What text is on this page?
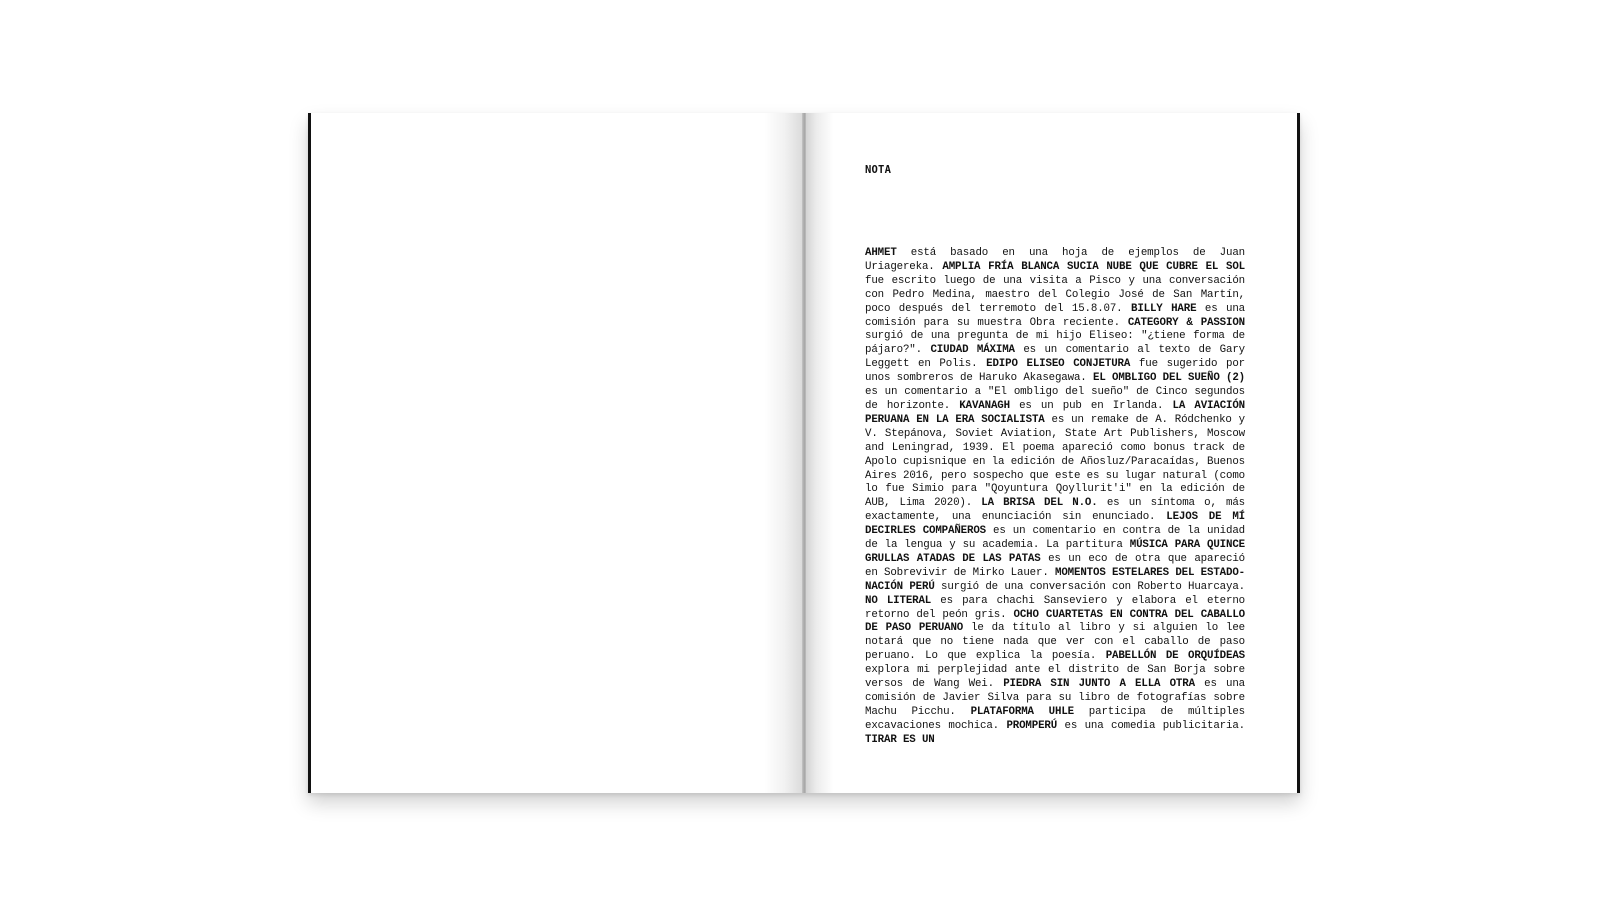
NOTA

AHMET está basado en una hoja de ejemplos de Juan Uriagereka. AMPLIA FRÍA BLANCA SUCIA NUBE QUE CUBRE EL SOL fue escrito luego de una visita a Pisco y una conversación con Pedro Medina, maestro del Colegio José de San Martín, poco después del terremoto del 15.8.07. BILLY HARE es una comisión para su muestra Obra reciente. CATEGORY & PASSION surgió de una pregunta de mi hijo Eliseo: "¿tiene forma de pájaro?". CIUDAD MÁXIMA es un comentario al texto de Gary Leggett en Polis. EDIPO ELISEO CONJETURA fue sugerido por unos sombreros de Haruko Akasegawa. EL OMBLIGO DEL SUEÑO (2) es un comentario a "El ombligo del sueño" de Cinco segundos de horizonte. KAVANAGH es un pub en Irlanda. LA AVIACIÓN PERUANA EN LA ERA SOCIALISTA es un remake de A. Ródchenko y V. Stepánova, Soviet Aviation, State Art Publishers, Moscow and Leningrad, 1939. El poema apareció como bonus track de Apolo cupisnique en la edición de Añosluz/Paracaídas, Buenos Aires 2016, pero sospecho que este es su lugar natural (como lo fue Simio para "Qoyuntura Qoyllurit'i" en la edición de AUB, Lima 2020). LA BRISA DEL N.O. es un síntoma o, más exactamente, una enunciación sin enunciado. LEJOS DE MÍ DECIRLES COMPAÑEROS es un comentario en contra de la unidad de la lengua y su academia. La partitura MÚSICA PARA QUINCE GRULLAS ATADAS DE LAS PATAS es un eco de otra que apareció en Sobrevivir de Mirko Lauer. MOMENTOS ESTELARES DEL ESTADO-NACIÓN PERÚ surgió de una conversación con Roberto Huarcaya. NO LITERAL es para chachi Sanseviero y elabora el eterno retorno del peón gris. OCHO CUARTETAS EN CONTRA DEL CABALLO DE PASO PERUANO le da título al libro y si alguien lo lee notará que no tiene nada que ver con el caballo de paso peruano. Lo que explica la poesía. PABELLÓN DE ORQUÍDEAS explora mi perplejidad ante el distrito de San Borja sobre versos de Wang Wei. PIEDRA SIN JUNTO A ELLA OTRA es una comisión de Javier Silva para su libro de fotografías sobre Machu Picchu. PLATAFORMA UHLE participa de múltiples excavaciones mochica. PROMPERÚ es una comedia publicitaria. TIRAR ES UN
